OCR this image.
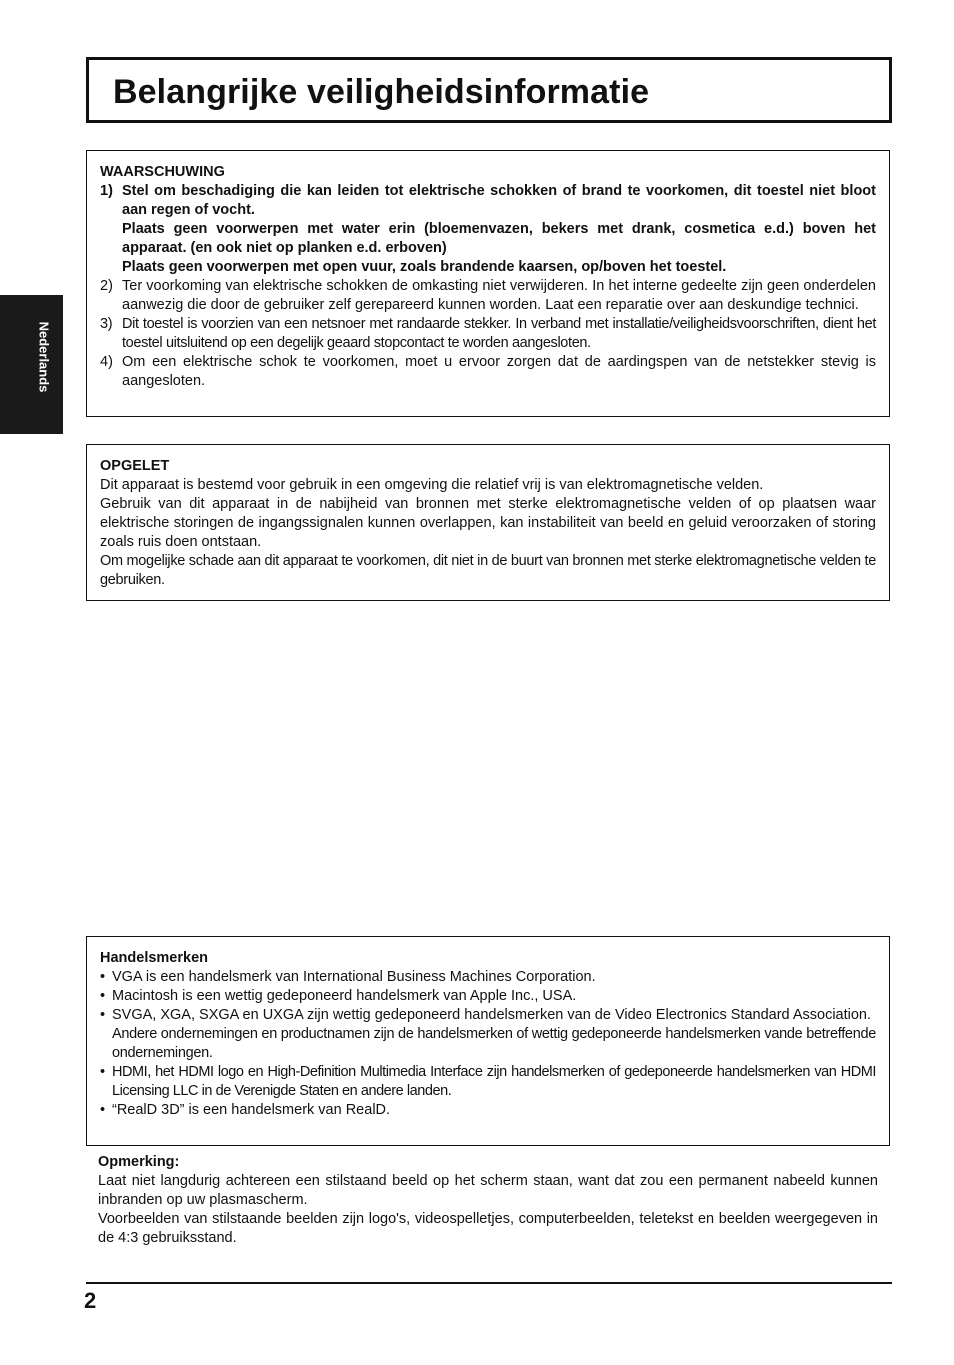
Belangrijke veiligheidsinformatie
Nederlands
WAARSCHUWING
1) Stel om beschadiging die kan leiden tot elektrische schokken of brand te voorkomen, dit toestel niet bloot aan regen of vocht.

Plaats geen voorwerpen met water erin (bloemenvazen, bekers met drank, cosmetica e.d.) boven het apparaat. (en ook niet op planken e.d. erboven)

Plaats geen voorwerpen met open vuur, zoals brandende kaarsen, op/boven het toestel.

2) Ter voorkoming van elektrische schokken de omkasting niet verwijderen. In het interne gedeelte zijn geen onderdelen aanwezig die door de gebruiker zelf gerepareerd kunnen worden. Laat een reparatie over aan deskundige technici.

3) Dit toestel is voorzien van een netsnoer met randaarde stekker. In verband met installatie/veiligheidsvoorschriften, dient het toestel uitsluitend op een degelijk geaard stopcontact te worden aangesloten.

4) Om een elektrische schok te voorkomen, moet u ervoor zorgen dat de aardingspen van de netstekker stevig is aangesloten.

OPGELET

Dit apparaat is bestemd voor gebruik in een omgeving die relatief vrij is van elektromagnetische velden.

Gebruik van dit apparaat in de nabijheid van bronnen met sterke elektromagnetische velden of op plaatsen waar elektrische storingen de ingangssignalen kunnen overlappen, kan instabiliteit van beeld en geluid veroorzaken of storing zoals ruis doen ontstaan.

Om mogelijke schade aan dit apparaat te voorkomen, dit niet in de buurt van bronnen met sterke elektromagnetische velden te gebruiken.

Handelsmerken
• VGA is een handelsmerk van International Business Machines Corporation.

• Macintosh is een wettig gedeponeerd handelsmerk van Apple Inc., USA.

• SVGA, XGA, SXGA en UXGA zijn wettig gedeponeerd handelsmerken van de Video Electronics Standard Association.

Andere ondernemingen en productnamen zijn de handelsmerken of wettig gedeponeerde handelsmerken vande betreffende ondernemingen.

• HDMI, het HDMI logo en High-Definition Multimedia Interface zijn handelsmerken of gedeponeerde handelsmerken van HDMI Licensing LLC in de Verenigde Staten en andere landen.

• “RealD 3D” is een handelsmerk van RealD.

Opmerking:

Laat niet langdurig achtereen een stilstaand beeld op het scherm staan, want dat zou een permanent nabeeld kunnen inbranden op uw plasmascherm.

Voorbeelden van stilstaande beelden zijn logo's, videospelletjes, computerbeelden, teletekst en beelden weergegeven in de 4:3 gebruiksstand.

2
